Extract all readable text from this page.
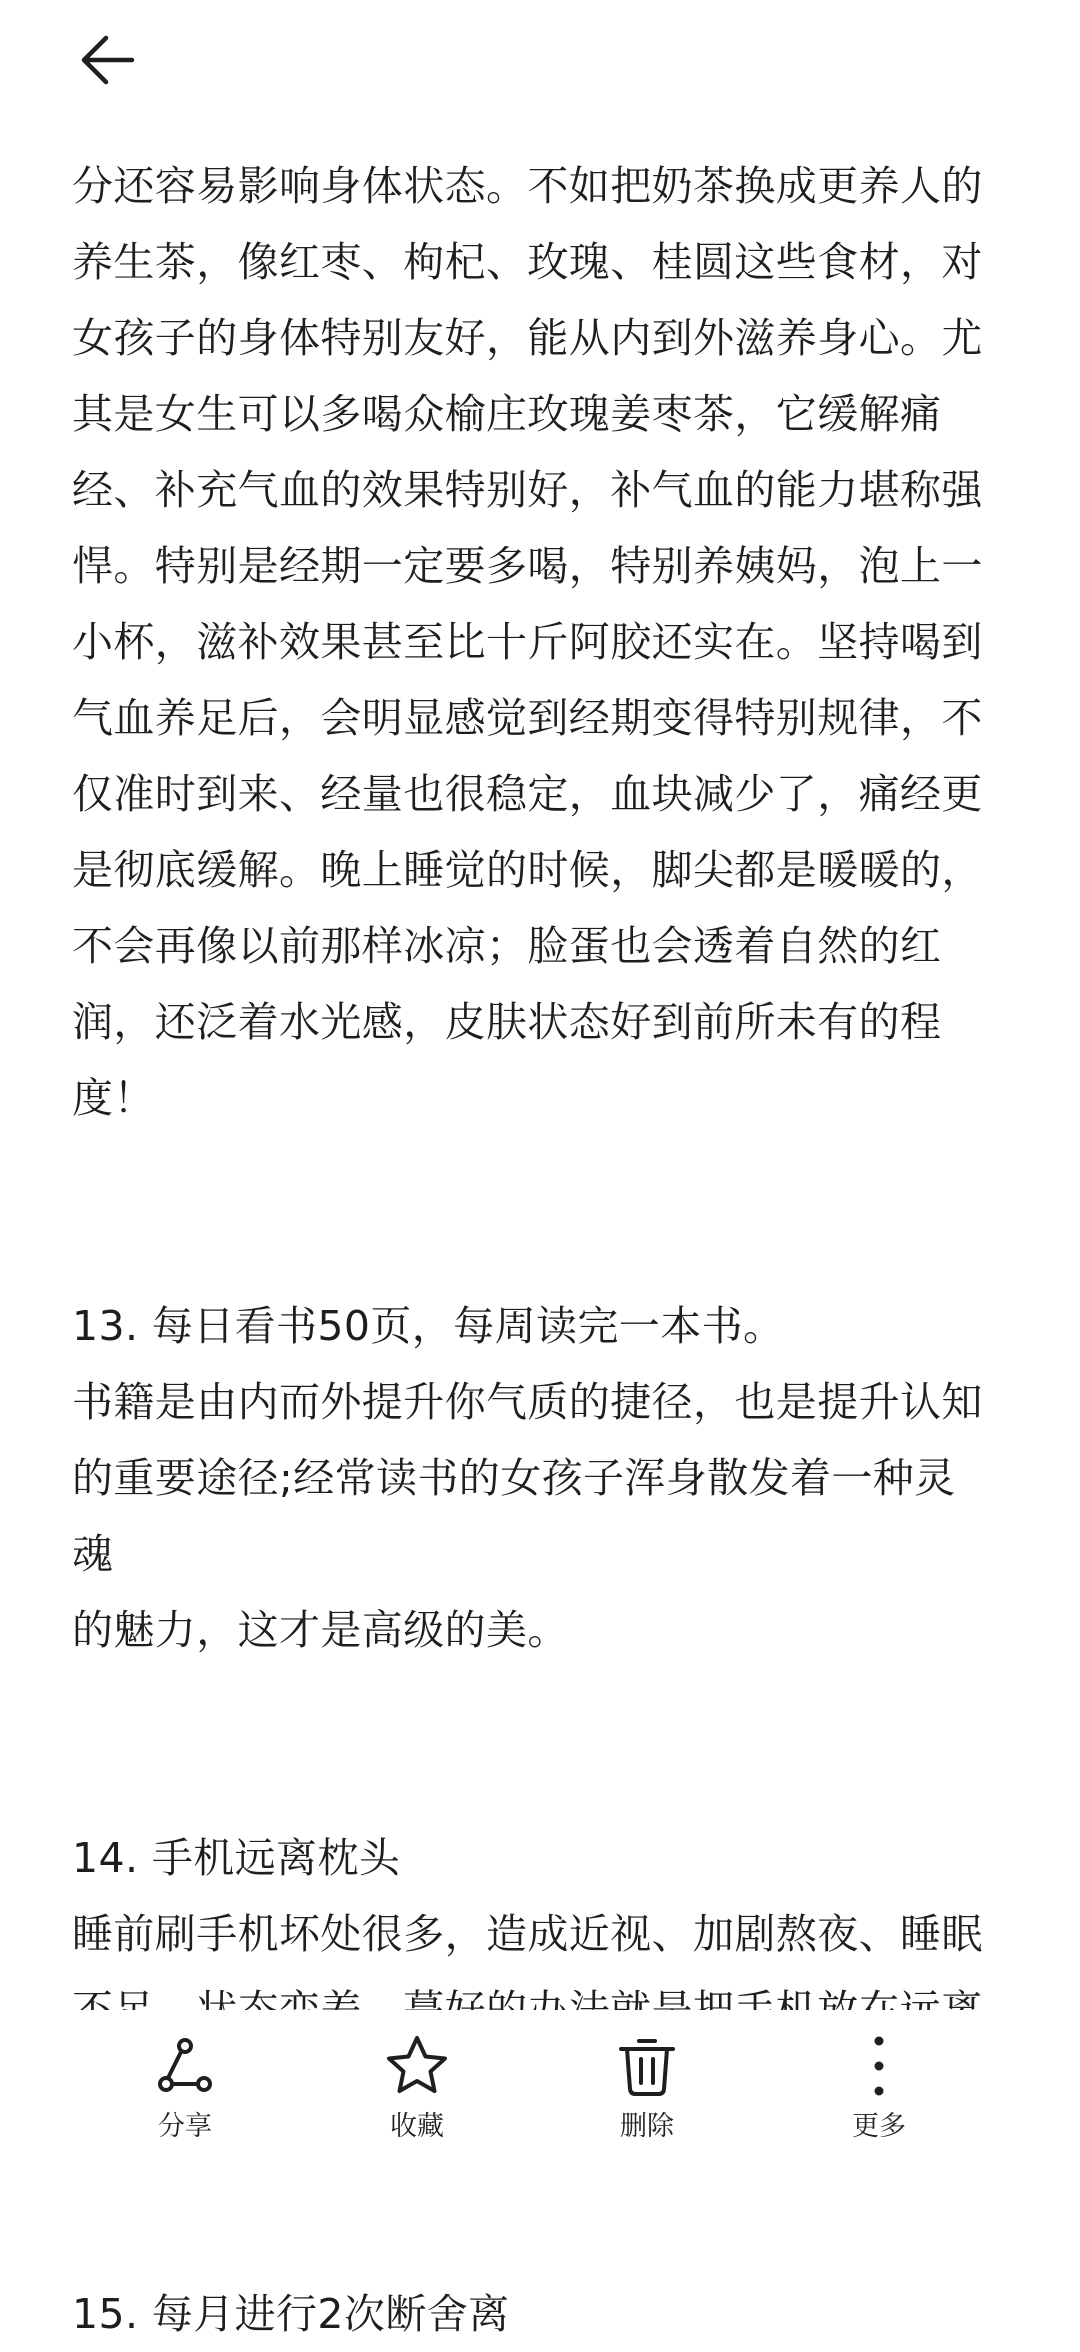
分还容易影响身体状态。不如把奶茶换成更养人的
养生茶，像红枣、枸杞、玫瑰、桂圆这些食材，对
女孩子的身体特别友好，能从内到外滋养身心。尤
其是女生可以多喝众榆庄玫瑰姜枣茶，它缓解痛
经、补充气血的效果特别好，补气血的能力堪称强
悍。特别是经期一定要多喝，特别养姨妈，泡上一
小杯，滋补效果甚至比十斤阿胶还实在。坚持喝到
气血养足后，会明显感觉到经期变得特别规律，不
仅准时到来、经量也很稳定，血块减少了，痛经更
是彻底缓解。晚上睡觉的时候，脚尖都是暖暖的，
不会再像以前那样冰凉；脸蛋也会透着自然的红
润，还泛着水光感，皮肤状态好到前所未有的程
度！

13. 每日看书50页，每周读完一本书。
书籍是由内而外提升你气质的捷径，也是提升认知
的重要途径;经常读书的女孩子浑身散发着一种灵魂
的魅力，这才是高级的美。

14. 手机远离枕头
睡前刷手机坏处很多，造成近视、加剧熬夜、睡眠

15. 每月进行2次断舍离

分享	收藏	删除	更多
